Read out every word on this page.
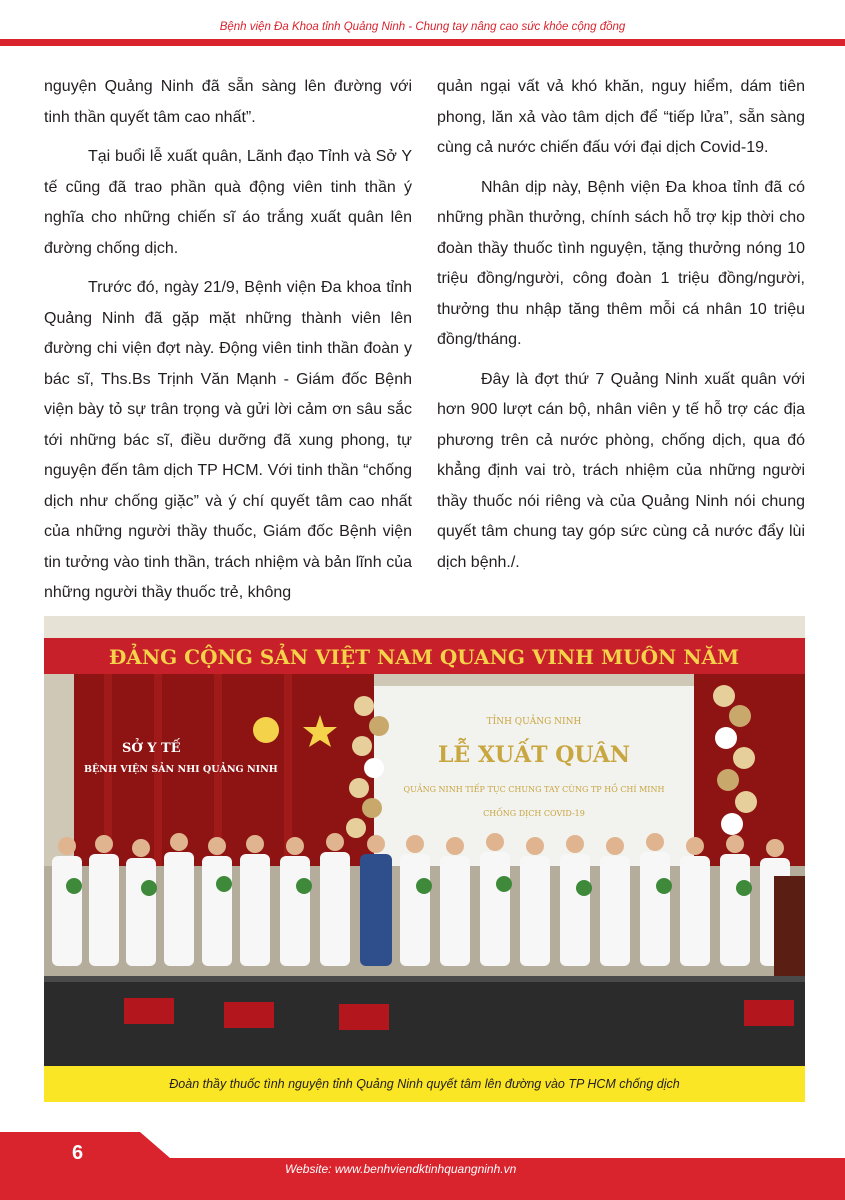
Bệnh viện Đa Khoa tỉnh Quảng Ninh - Chung tay nâng cao sức khỏe cộng đồng

nguyện Quảng Ninh đã sẵn sàng lên đường với tinh thần quyết tâm cao nhất”.

Tại buổi lễ xuất quân, Lãnh đạo Tỉnh và Sở Y tế cũng đã trao phần quà động viên tinh thần ý nghĩa cho những chiến sĩ áo trắng xuất quân lên đường chống dịch.

Trước đó, ngày 21/9, Bệnh viện Đa khoa tỉnh Quảng Ninh đã gặp mặt những thành viên lên đường chi viện đợt này. Động viên tinh thần đoàn y bác sĩ, Ths.Bs Trịnh Văn Mạnh - Giám đốc Bệnh viện bày tỏ sự trân trọng và gửi lời cảm ơn sâu sắc tới những bác sĩ, điều dưỡng đã xung phong, tự nguyện đến tâm dịch TP HCM. Với tinh thần “chống dịch như chống giặc” và ý chí quyết tâm cao nhất của những người thầy thuốc, Giám đốc Bệnh viện tin tưởng vào tinh thần, trách nhiệm và bản lĩnh của những người thầy thuốc trẻ, không

quản ngại vất vả khó khăn, nguy hiểm, dám tiên phong, lăn xả vào tâm dịch để “tiếp lửa”, sẵn sàng cùng cả nước chiến đấu với đại dịch Covid-19.

Nhân dịp này, Bệnh viện Đa khoa tỉnh đã có những phần thưởng, chính sách hỗ trợ kịp thời cho đoàn thầy thuốc tình nguyện, tặng thưởng nóng 10 triệu đồng/người, công đoàn 1 triệu đồng/người, thưởng thu nhập tăng thêm mỗi cá nhân 10 triệu đồng/tháng.

Đây là đợt thứ 7 Quảng Ninh xuất quân với hơn 900 lượt cán bộ, nhân viên y tế hỗ trợ các địa phương trên cả nước phòng, chống dịch, qua đó khẳng định vai trò, trách nhiệm của những người thầy thuốc nói riêng và của Quảng Ninh nói chung quyết tâm chung tay góp sức cùng cả nước đẩy lùi dịch bệnh./.

ĐẢNG CỘNG SẢN VIỆT NAM QUANG VINH MUÔN NĂM
SỞ Y TẾ
BỆNH VIỆN SẢN NHI QUẢNG NINH
TỈNH QUẢNG NINH
LỄ XUẤT QUÂN
QUẢNG NINH TIẾP TỤC CHUNG TAY CÙNG TP HỒ CHÍ MINH
CHỐNG DỊCH COVID-19
Đoàn thầy thuốc tình nguyện tỉnh Quảng Ninh quyết tâm lên đường vào TP HCM chống dịch
6
Website: www.benhviendktinhquangninh.vn
